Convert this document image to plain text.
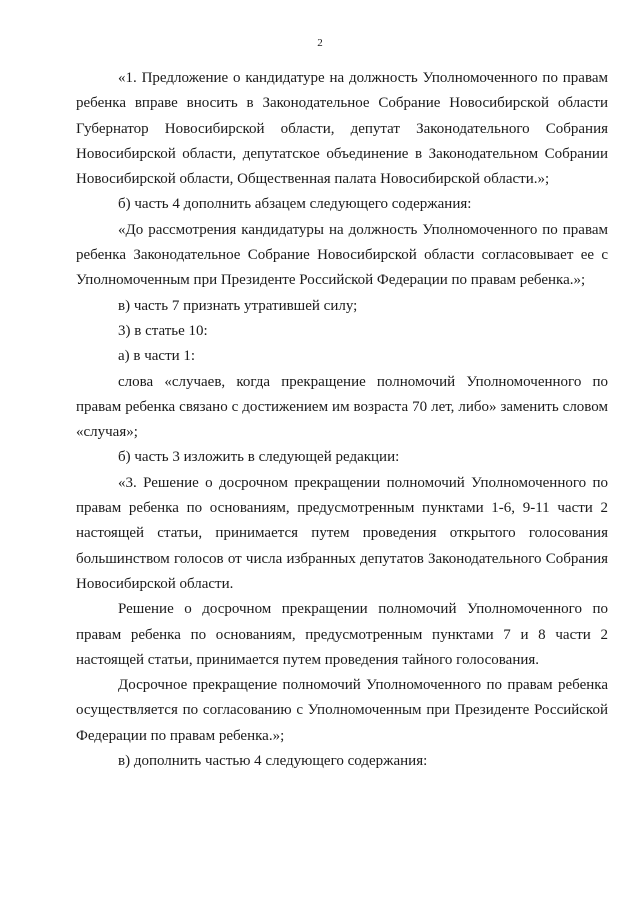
2

«1. Предложение о кандидатуре на должность Уполномоченного по правам ребенка вправе вносить в Законодательное Собрание Новосибирской области Губернатор Новосибирской области, депутат Законодательного Собрания Новосибирской области, депутатское объединение в Законодательном Собрании Новосибирской области, Общественная палата Новосибирской области.»;

б) часть 4 дополнить абзацем следующего содержания:

«До рассмотрения кандидатуры на должность Уполномоченного по правам ребенка Законодательное Собрание Новосибирской области согласовывает ее с Уполномоченным при Президенте Российской Федерации по правам ребенка.»;

в) часть 7 признать утратившей силу;

3) в статье 10:

а) в части 1:

слова «случаев, когда прекращение полномочий Уполномоченного по правам ребенка связано с достижением им возраста 70 лет, либо» заменить словом «случая»;

б) часть 3 изложить в следующей редакции:

«3. Решение о досрочном прекращении полномочий Уполномоченного по правам ребенка по основаниям, предусмотренным пунктами 1-6, 9-11 части 2 настоящей статьи, принимается путем проведения открытого голосования большинством голосов от числа избранных депутатов Законодательного Собрания Новосибирской области.

Решение о досрочном прекращении полномочий Уполномоченного по правам ребенка по основаниям, предусмотренным пунктами 7 и 8 части 2 настоящей статьи, принимается путем проведения тайного голосования.

Досрочное прекращение полномочий Уполномоченного по правам ребенка осуществляется по согласованию с Уполномоченным при Президенте Российской Федерации по правам ребенка.»;

в) дополнить частью 4 следующего содержания:
